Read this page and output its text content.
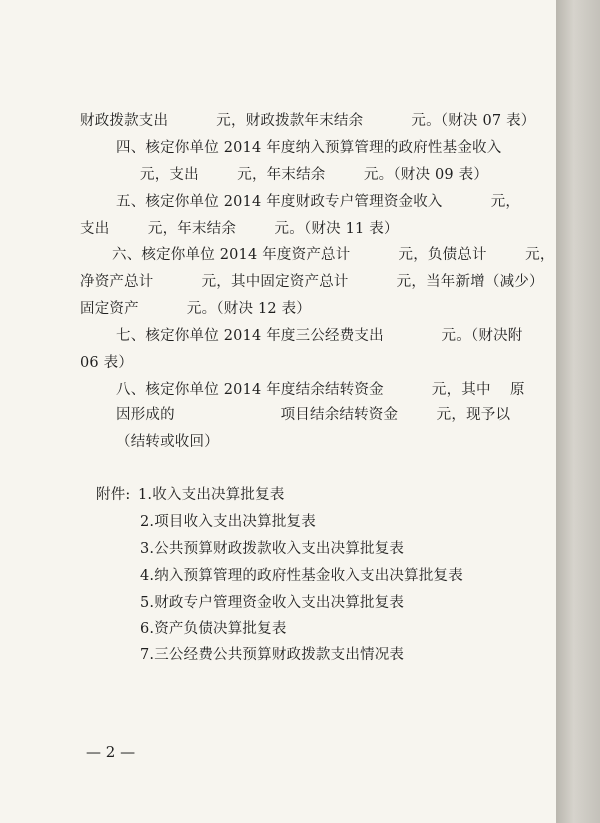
财政拨款支出          元，财政拨款年末结余          元。（财决 07 表）
四、核定你单位 2014 年度纳入预算管理的政府性基金收入
元，支出        元，年末结余        元。（财决 09 表）
五、核定你单位 2014 年度财政专户管理资金收入          元，
支出        元，年末结余        元。（财决 11 表）
六、核定你单位 2014 年度资产总计          元，负债总计        元，
净资产总计          元，其中固定资产总计          元，当年新增（减少）
固定资产          元。（财决 12 表）
七、核定你单位 2014 年度三公经费支出            元。（财决附
06 表）
八、核定你单位 2014 年度结余结转资金          元，其中    原
因形成的                      项目结余结转资金        元，现予以
（结转或收回）
附件: 1.收入支出决算批复表
2.项目收入支出决算批复表
3.公共预算财政拨款收入支出决算批复表
4.纳入预算管理的政府性基金收入支出决算批复表
5.财政专户管理资金收入支出决算批复表
6.资产负债决算批复表
7.三公经费公共预算财政拨款支出情况表
— 2 —
